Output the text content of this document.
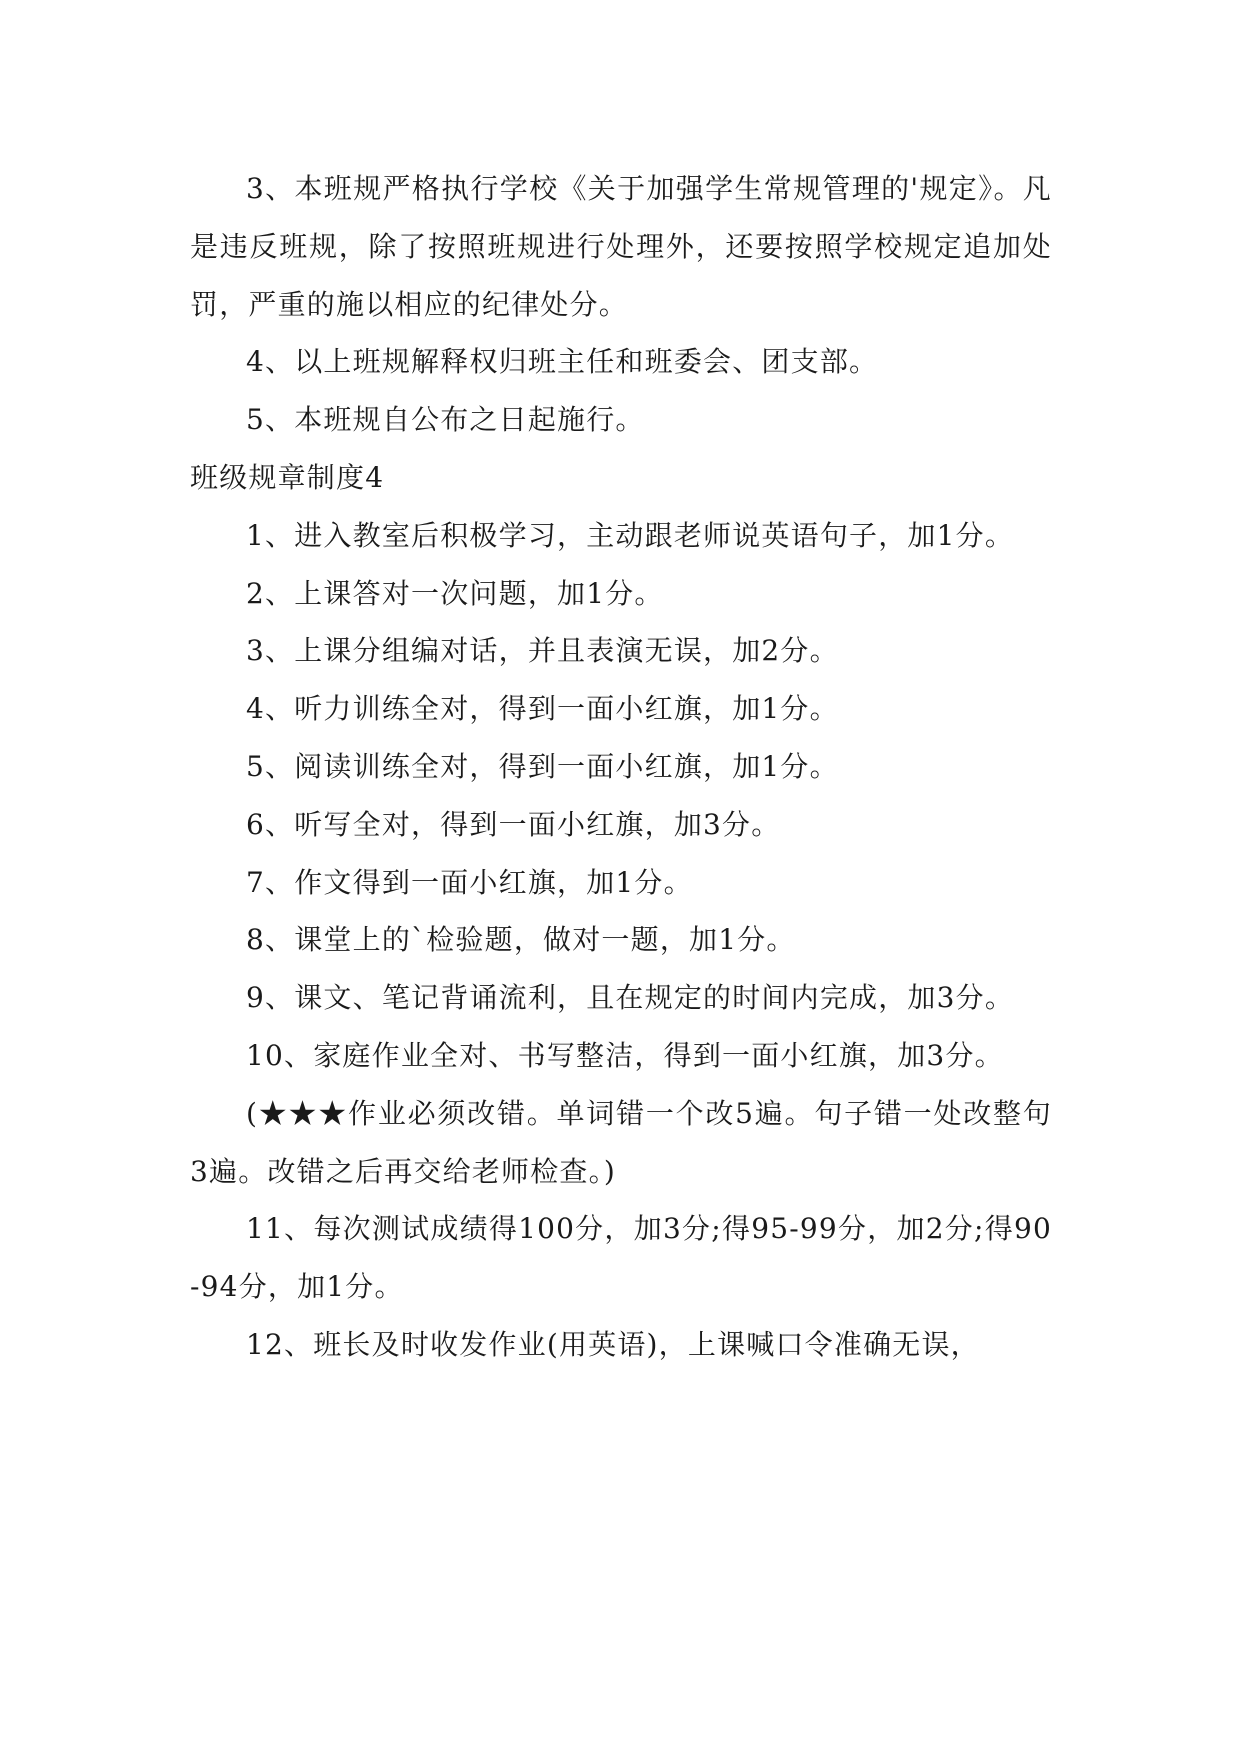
3、本班规严格执行学校《关于加强学生常规管理的'规定》。凡是违反班规，除了按照班规进行处理外，还要按照学校规定追加处罚，严重的施以相应的纪律处分。

4、以上班规解释权归班主任和班委会、团支部。

5、本班规自公布之日起施行。

班级规章制度4

1、进入教室后积极学习，主动跟老师说英语句子，加1分。

2、上课答对一次问题，加1分。

3、上课分组编对话，并且表演无误，加2分。

4、听力训练全对，得到一面小红旗，加1分。

5、阅读训练全对，得到一面小红旗，加1分。

6、听写全对，得到一面小红旗，加3分。

7、作文得到一面小红旗，加1分。

8、课堂上的`检验题，做对一题，加1分。

9、课文、笔记背诵流利，且在规定的时间内完成，加3分。

10、家庭作业全对、书写整洁，得到一面小红旗，加3分。

(★★★作业必须改错。单词错一个改5遍。句子错一处改整句3遍。改错之后再交给老师检查。)

11、每次测试成绩得100分，加3分;得95-99分，加2分;得90-94分，加1分。

12、班长及时收发作业(用英语)，上课喊口令准确无误，
